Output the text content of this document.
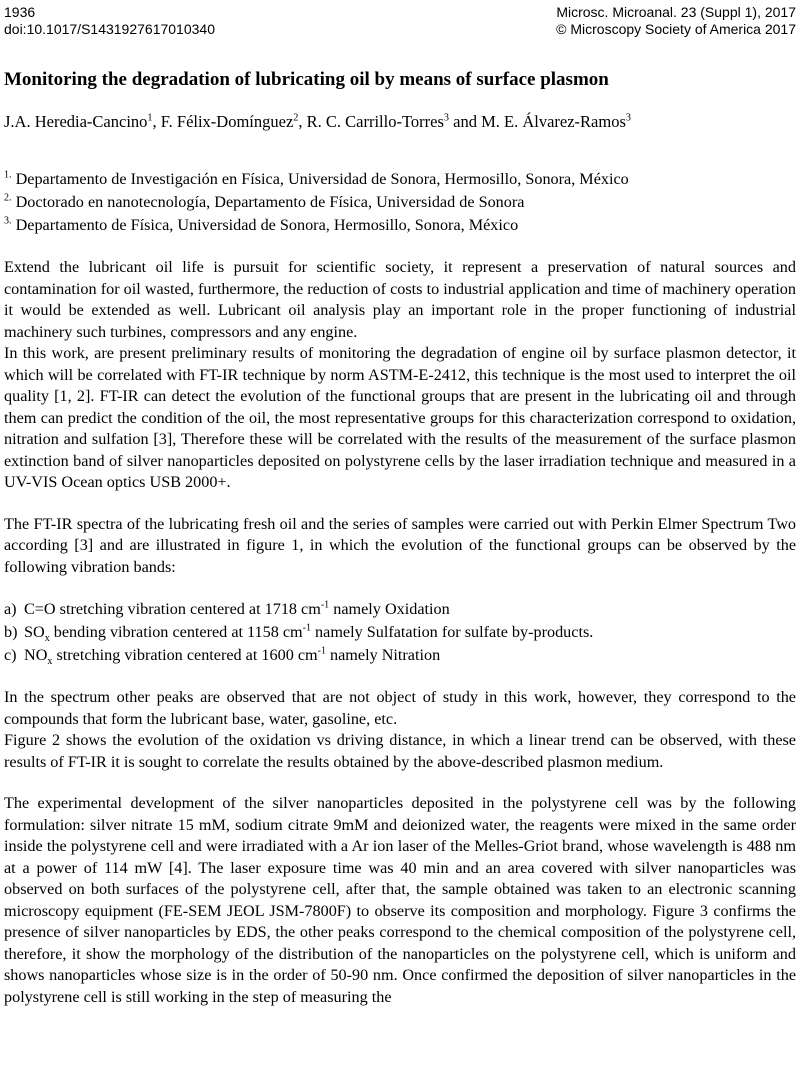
1936
doi:10.1017/S1431927617010340
Microsc. Microanal. 23 (Suppl 1), 2017
© Microscopy Society of America 2017
Monitoring the degradation of lubricating oil by means of surface plasmon
J.A. Heredia-Cancino$^1$, F. Félix-Domínguez$^2$, R. C. Carrillo-Torres$^3$ and M. E. Álvarez-Ramos$^3$
$^{1.}$ Departamento de Investigación en Física, Universidad de Sonora, Hermosillo, Sonora, México
$^{2.}$ Doctorado en nanotecnología, Departamento de Física, Universidad de Sonora
$^{3.}$ Departamento de Física, Universidad de Sonora, Hermosillo, Sonora, México

Extend the lubricant oil life is pursuit for scientific society, it represent a preservation of natural sources and contamination for oil wasted, furthermore, the reduction of costs to industrial application and time of machinery operation it would be extended as well. Lubricant oil analysis play an important role in the proper functioning of industrial machinery such turbines, compressors and any engine.

In this work, are present preliminary results of monitoring the degradation of engine oil by surface plasmon detector, it which will be correlated with FT-IR technique by norm ASTM-E-2412, this technique is the most used to interpret the oil quality [1, 2]. FT-IR can detect the evolution of the functional groups that are present in the lubricating oil and through them can predict the condition of the oil, the most representative groups for this characterization correspond to oxidation, nitration and sulfation [3], Therefore these will be correlated with the results of the measurement of the surface plasmon extinction band of silver nanoparticles deposited on polystyrene cells by the laser irradiation technique and measured in a UV-VIS Ocean optics USB 2000+.

The FT-IR spectra of the lubricating fresh oil and the series of samples were carried out with Perkin Elmer Spectrum Two according [3] and are illustrated in figure 1, in which the evolution of the functional groups can be observed by the following vibration bands:

a) C=O stretching vibration centered at 1718 $cm^{-1}$ namely Oxidation
b) $SO_x$ bending vibration centered at 1158 $cm^{-1}$ namely Sulfatation for sulfate by-products.
c) $NO_x$ stretching vibration centered at 1600 $cm^{-1}$ namely Nitration

In the spectrum other peaks are observed that are not object of study in this work, however, they correspond to the compounds that form the lubricant base, water, gasoline, etc.

Figure 2 shows the evolution of the oxidation vs driving distance, in which a linear trend can be observed, with these results of FT-IR it is sought to correlate the results obtained by the above-described plasmon medium.

The experimental development of the silver nanoparticles deposited in the polystyrene cell was by the following formulation: silver nitrate 15 mM, sodium citrate 9mM and deionized water, the reagents were mixed in the same order inside the polystyrene cell and were irradiated with a Ar ion laser of the Melles-Griot brand, whose wavelength is 488 nm at a power of 114 mW [4]. The laser exposure time was 40 min and an area covered with silver nanoparticles was observed on both surfaces of the polystyrene cell, after that, the sample obtained was taken to an electronic scanning microscopy equipment (FE-SEM JEOL JSM-7800F) to observe its composition and morphology. Figure 3 confirms the presence of silver nanoparticles by EDS, the other peaks correspond to the chemical composition of the polystyrene cell, therefore, it show the morphology of the distribution of the nanoparticles on the polystyrene cell, which is uniform and shows nanoparticles whose size is in the order of 50-90 nm. Once confirmed the deposition of silver nanoparticles in the polystyrene cell is still working in the step of measuring the
